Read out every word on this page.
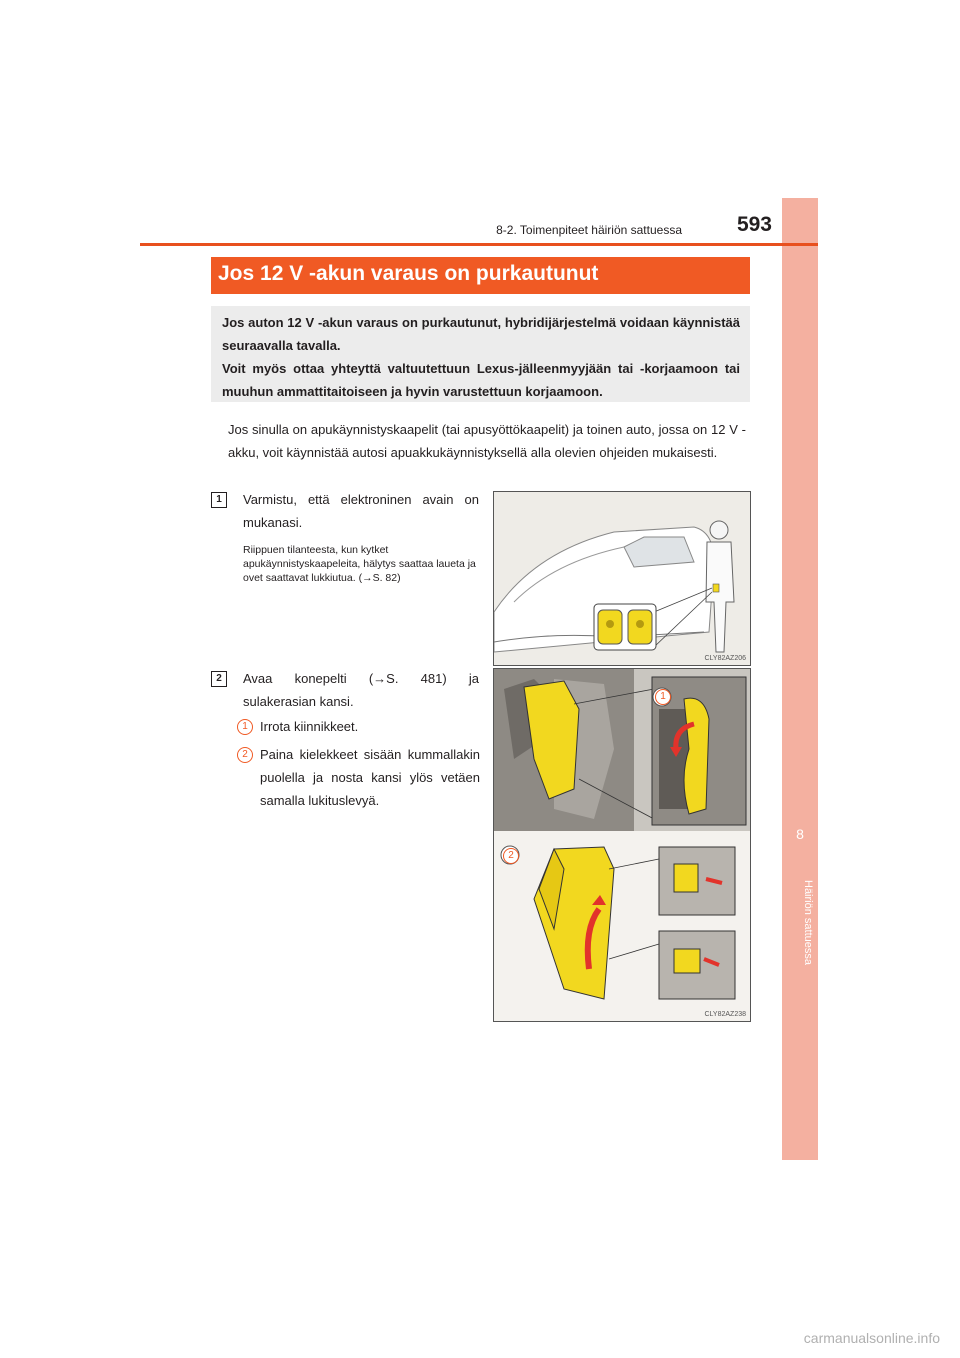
8
Häiriön sattuessa
8-2. Toimenpiteet häiriön sattuessa	593
Jos 12 V -akun varaus on purkautunut
Jos auton 12 V -akun varaus on purkautunut, hybridijärjestelmä voidaan käynnistää seuraavalla tavalla.
Voit myös ottaa yhteyttä valtuutettuun Lexus-jälleenmyyjään tai -korjaamoon tai muuhun ammattitaitoiseen ja hyvin varustettuun korjaamoon.
Jos sinulla on apukäynnistyskaapelit (tai apusyöttökaapelit) ja toinen auto, jossa on 12 V -akku, voit käynnistää autosi apuakkukäynnistyksellä alla olevien ohjeiden mukaisesti.
1	Varmistu, että elektroninen avain on mukanasi.
Riippuen tilanteesta, kun kytket apukäynnistyskaapeleita, hälytys saattaa laueta ja ovet saattavat lukkiutua. (→S. 82)
CLY82AZ206
2	Avaa konepelti (→S. 481) ja sulakerasian kansi.
1 Irrota kiinnikkeet.
2 Paina kielekkeet sisään kummallakin puolella ja nosta kansi ylös vetäen samalla lukituslevyä.
1
2
CLY82AZ238
carmanualsonline.info
